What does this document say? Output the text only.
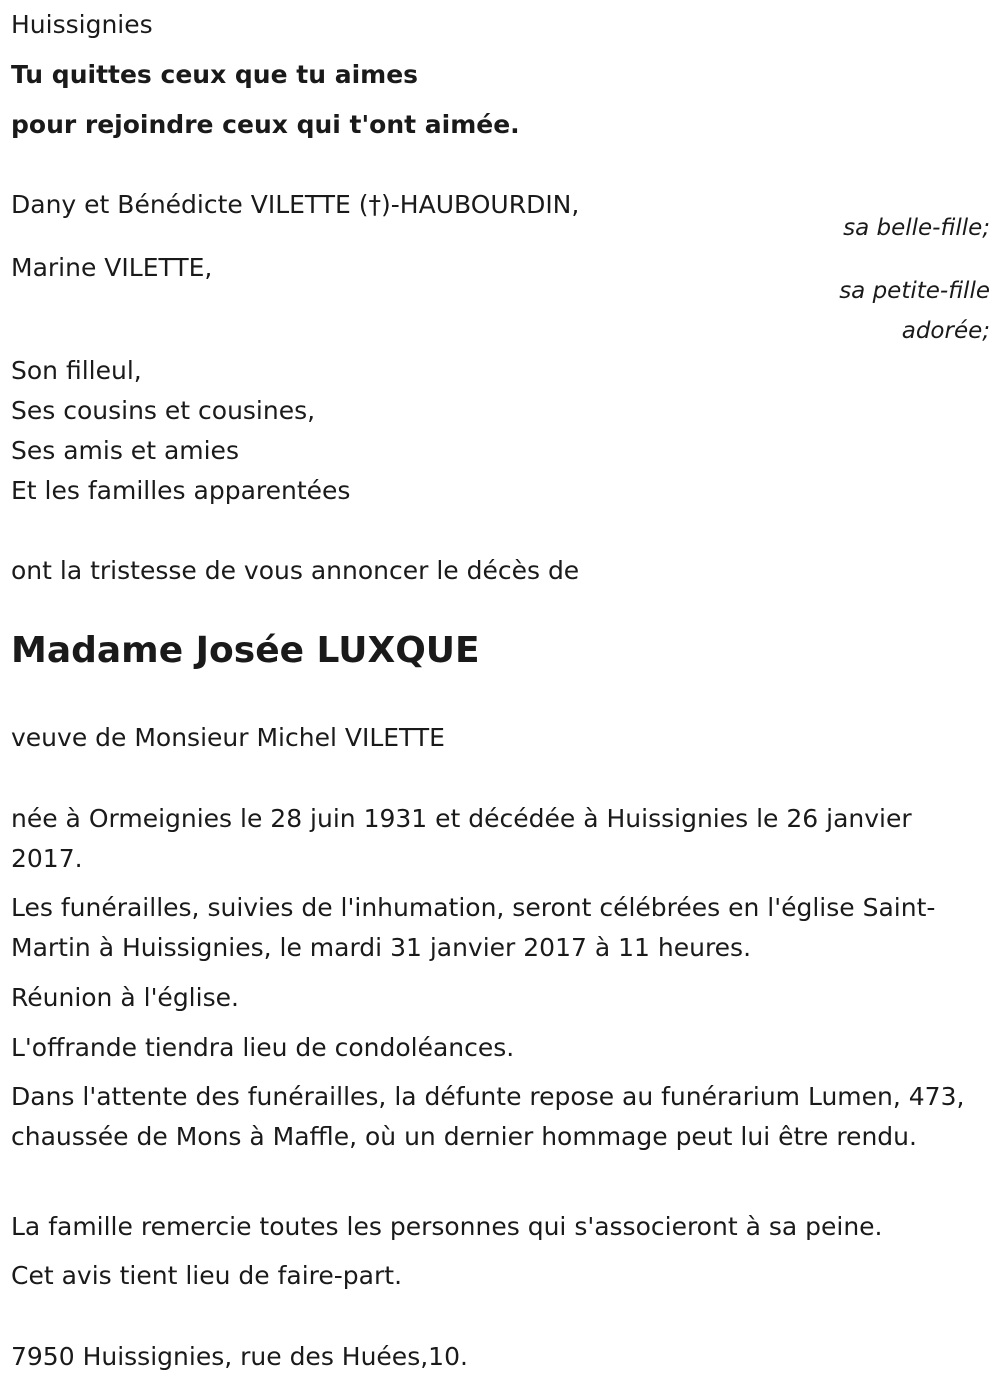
Huissignies

Tu quittes ceux que tu aimes

pour rejoindre ceux qui t'ont aimée.

Dany et Bénédicte VILETTE (†)-HAUBOURDIN,

sa belle-fille;

Marine VILETTE,

sa petite-fille

adorée;

Son filleul,

Ses cousins et cousines,

Ses amis et amies

Et les familles apparentées

ont la tristesse de vous annoncer le décès de

Madame Josée LUXQUE

veuve de Monsieur Michel VILETTE

née à Ormeignies le 28 juin 1931 et décédée à Huissignies le 26 janvier 2017.

Les funérailles, suivies de l'inhumation, seront célébrées en l'église Saint-Martin à Huissignies, le mardi 31 janvier 2017 à 11 heures.

Réunion à l'église.

L'offrande tiendra lieu de condoléances.

Dans l'attente des funérailles, la défunte repose au funérarium Lumen, 473, chaussée de Mons à Maffle, où un dernier hommage peut lui être rendu.

La famille remercie toutes les personnes qui s'associeront à sa peine.

Cet avis tient lieu de faire-part.

7950 Huissignies, rue des Huées,10.
